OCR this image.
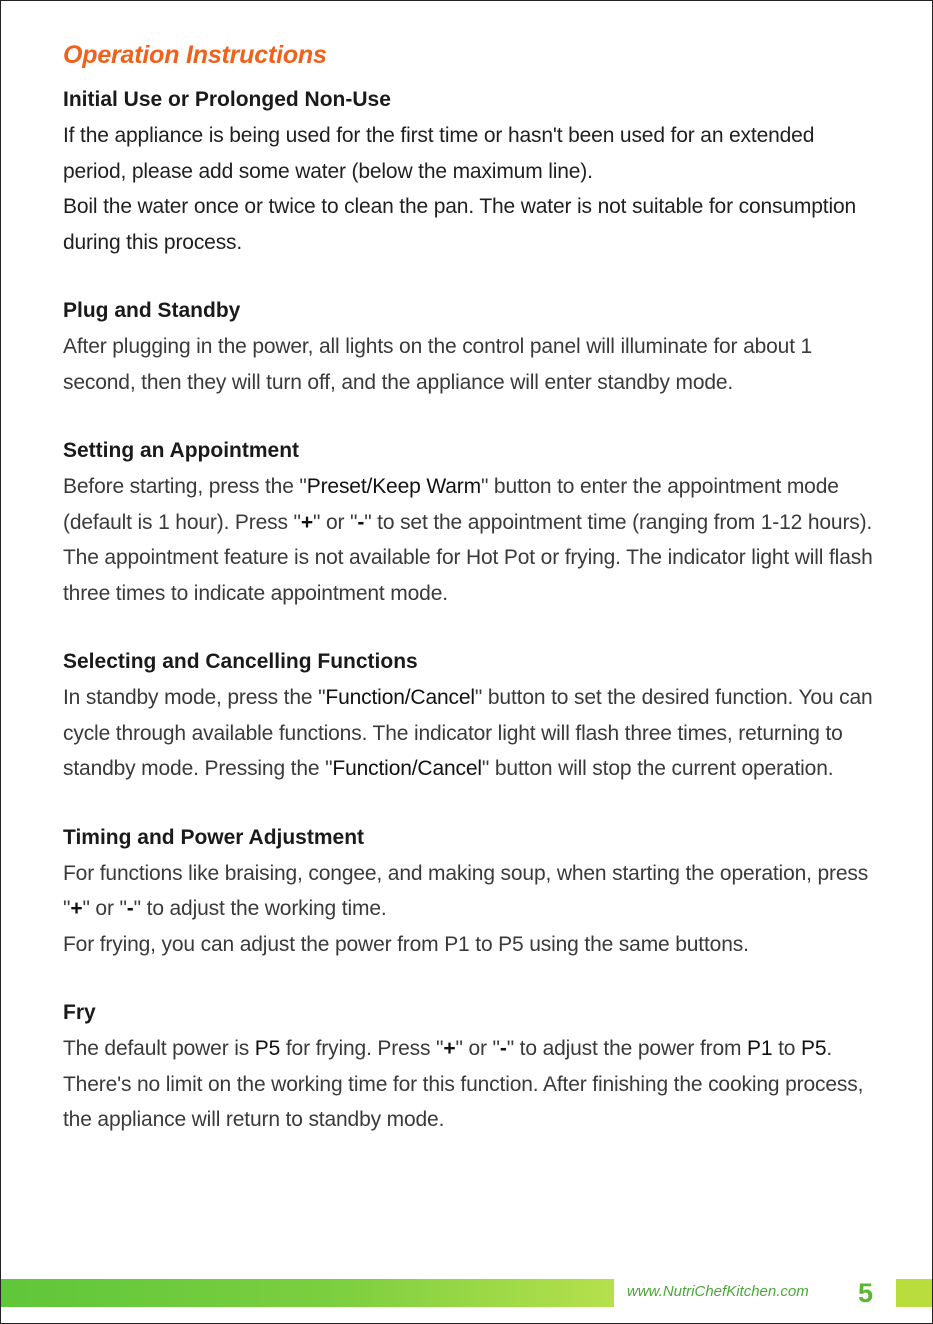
Operation Instructions
Initial Use or Prolonged Non-Use

If the appliance is being used for the first time or hasn't been used for an extended period, please add some water (below the maximum line).

Boil the water once or twice to clean the pan. The water is not suitable for consumption during this process.

Plug and Standby

After plugging in the power, all lights on the control panel will illuminate for about 1 second, then they will turn off, and the appliance will enter standby mode.

Setting an Appointment

Before starting, press the "Preset/Keep Warm" button to enter the appointment mode (default is 1 hour). Press "+" or "-" to set the appointment time (ranging from 1-12 hours). The appointment feature is not available for Hot Pot or frying. The indicator light will flash three times to indicate appointment mode.

Selecting and Cancelling Functions

In standby mode, press the "Function/Cancel" button to set the desired function. You can cycle through available functions. The indicator light will flash three times, returning to standby mode. Pressing the "Function/Cancel" button will stop the current operation.

Timing and Power Adjustment

For functions like braising, congee, and making soup, when starting the operation, press "+" or "-" to adjust the working time.

For frying, you can adjust the power from P1 to P5 using the same buttons.

Fry

The default power is P5 for frying. Press "+" or "-" to adjust the power from P1 to P5. There's no limit on the working time for this function. After finishing the cooking process, the appliance will return to standby mode.

www.NutriChefKitchen.com 5
